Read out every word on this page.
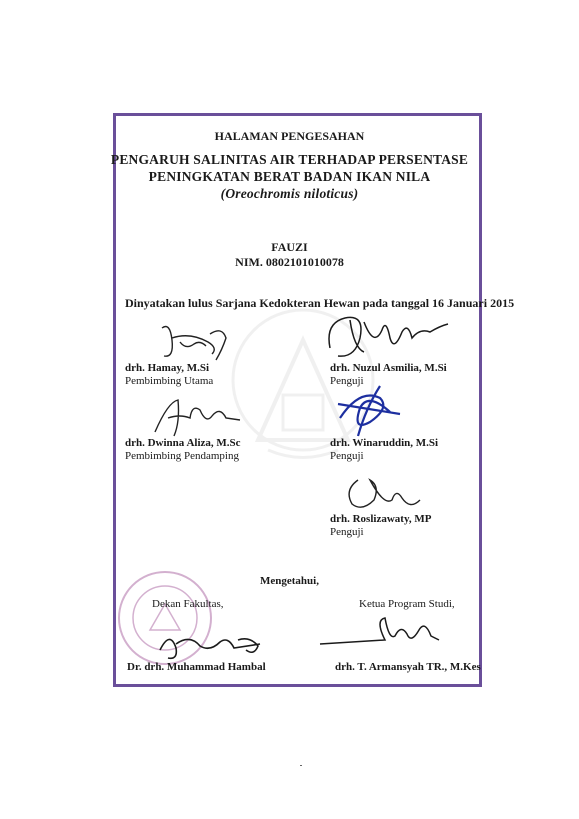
HALAMAN PENGESAHAN
PENGARUH SALINITAS AIR TERHADAP PERSENTASE
PENINGKATAN BERAT BADAN IKAN NILA
(Oreochromis niloticus)
FAUZI
NIM. 0802101010078
Dinyatakan lulus Sarjana Kedokteran Hewan pada tanggal 16 Januari 2015
drh. Hamay, M.Si
Pembimbing Utama
drh. Nuzul Asmilia, M.Si
Penguji
drh. Dwinna Aliza, M.Sc
Pembimbing Pendamping
drh. Winaruddin, M.Si
Penguji
drh. Roslizawaty, MP
Penguji
Mengetahui,
Dekan Fakultas,	Ketua Program Studi,
Dr. drh. Muhammad Hambal	drh. T. Armansyah TR., M.Kes
